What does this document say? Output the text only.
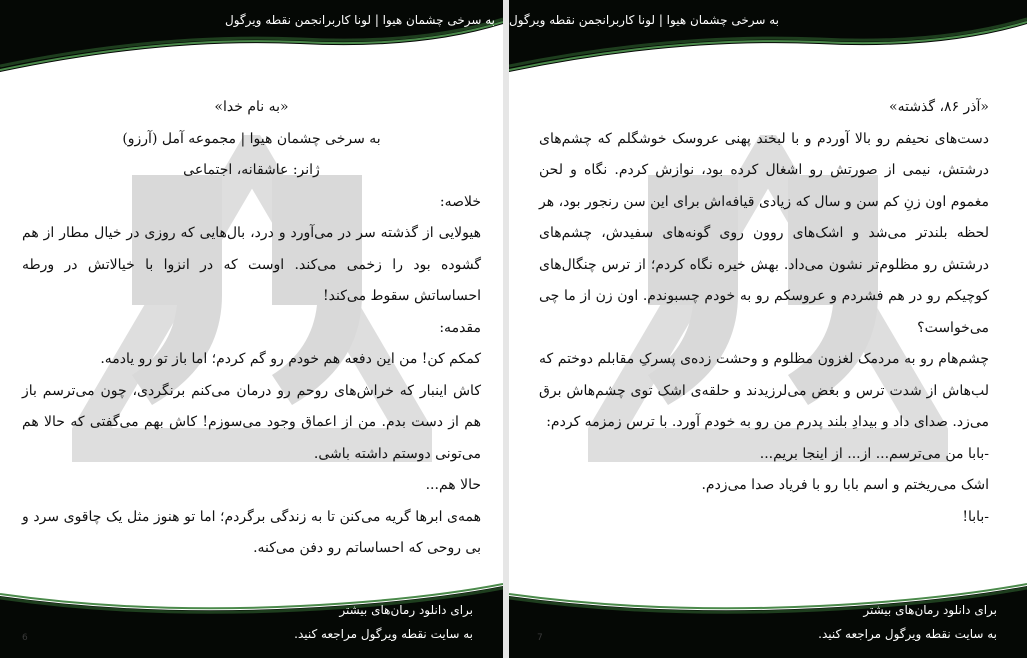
به سرخی چشمان هیوا | لونا کاربرانجمن نقطه ویرگول

«به نام خدا»

به سرخی چشمان هیوا | مجموعه آمل (آرزو)

ژانر: عاشقانه، اجتماعی

خلاصه:

هیولایی از گذشته سر در می‌آورد و درد، بال‌هایی که روزی در خیال مطار از هم گشوده بود را زخمی می‌کند. اوست که در انزوا با خیالاتش در ورطه احساساتش سقوط می‌کند!

مقدمه:

کمکم کن! من این دفعه هم خودم رو گم کردم؛ اما باز تو رو یادمه.

کاش اینبار که خراش‌های روحم رو درمان می‌کنم برنگردی، چون می‌ترسم باز هم از دست بدم. من از اعماق وجود می‌سوزم! کاش بهم می‌گفتی که حالا هم می‌تونی دوستم داشته باشی.

حالا هم...

همه‌ی ابرها گریه می‌کنن تا به زندگی برگردم؛ اما تو هنوز مثل یک چاقوی سرد و بی روحی که احساساتم رو دفن می‌کنه.

برای دانلود رمان‌های بیشتر
به سایت نقطه ویرگول مراجعه کنید.
6
به سرخی چشمان هیوا | لونا کاربرانجمن نقطه ویرگول

«آذر ۸۶، گذشته»

دست‌های نحیفم رو بالا آوردم و با لبخند پهنی عروسک خوشگلم که چشم‌های درشتش، نیمی از صورتش رو اشغال کرده بود، نوازش کردم. نگاه و لحن مغموم اون زنِ کم سن و سال که زیادی قیافه‌اش برای این سن رنجور بود، هر لحظه بلندتر می‌شد و اشک‌های روون روی گونه‌های سفیدش، چشم‌های درشتش رو مظلوم‌تر نشون می‌داد. بهش خیره نگاه کردم؛ از ترس چنگال‌های کوچیکم رو در هم فشردم و عروسکم رو به خودم چسبوندم. اون زن از ما چی می‌خواست؟

چشم‌هام رو به مردمک لغزون مظلوم و وحشت زده‌ی پسرکِ مقابلم دوختم که لب‌هاش از شدت ترس و بغض می‌لرزیدند و حلقه‌ی اشک توی چشم‌هاش برق می‌زد. صدای داد و بیدادِ بلند پدرم من رو به خودم آورد. با ترس زمزمه کردم:

-بابا من می‌ترسم... از... از اینجا بریم...

اشک می‌ریختم و اسم بابا رو با فریاد صدا می‌زدم.

-بابا!

برای دانلود رمان‌های بیشتر
به سایت نقطه ویرگول مراجعه کنید.
7
